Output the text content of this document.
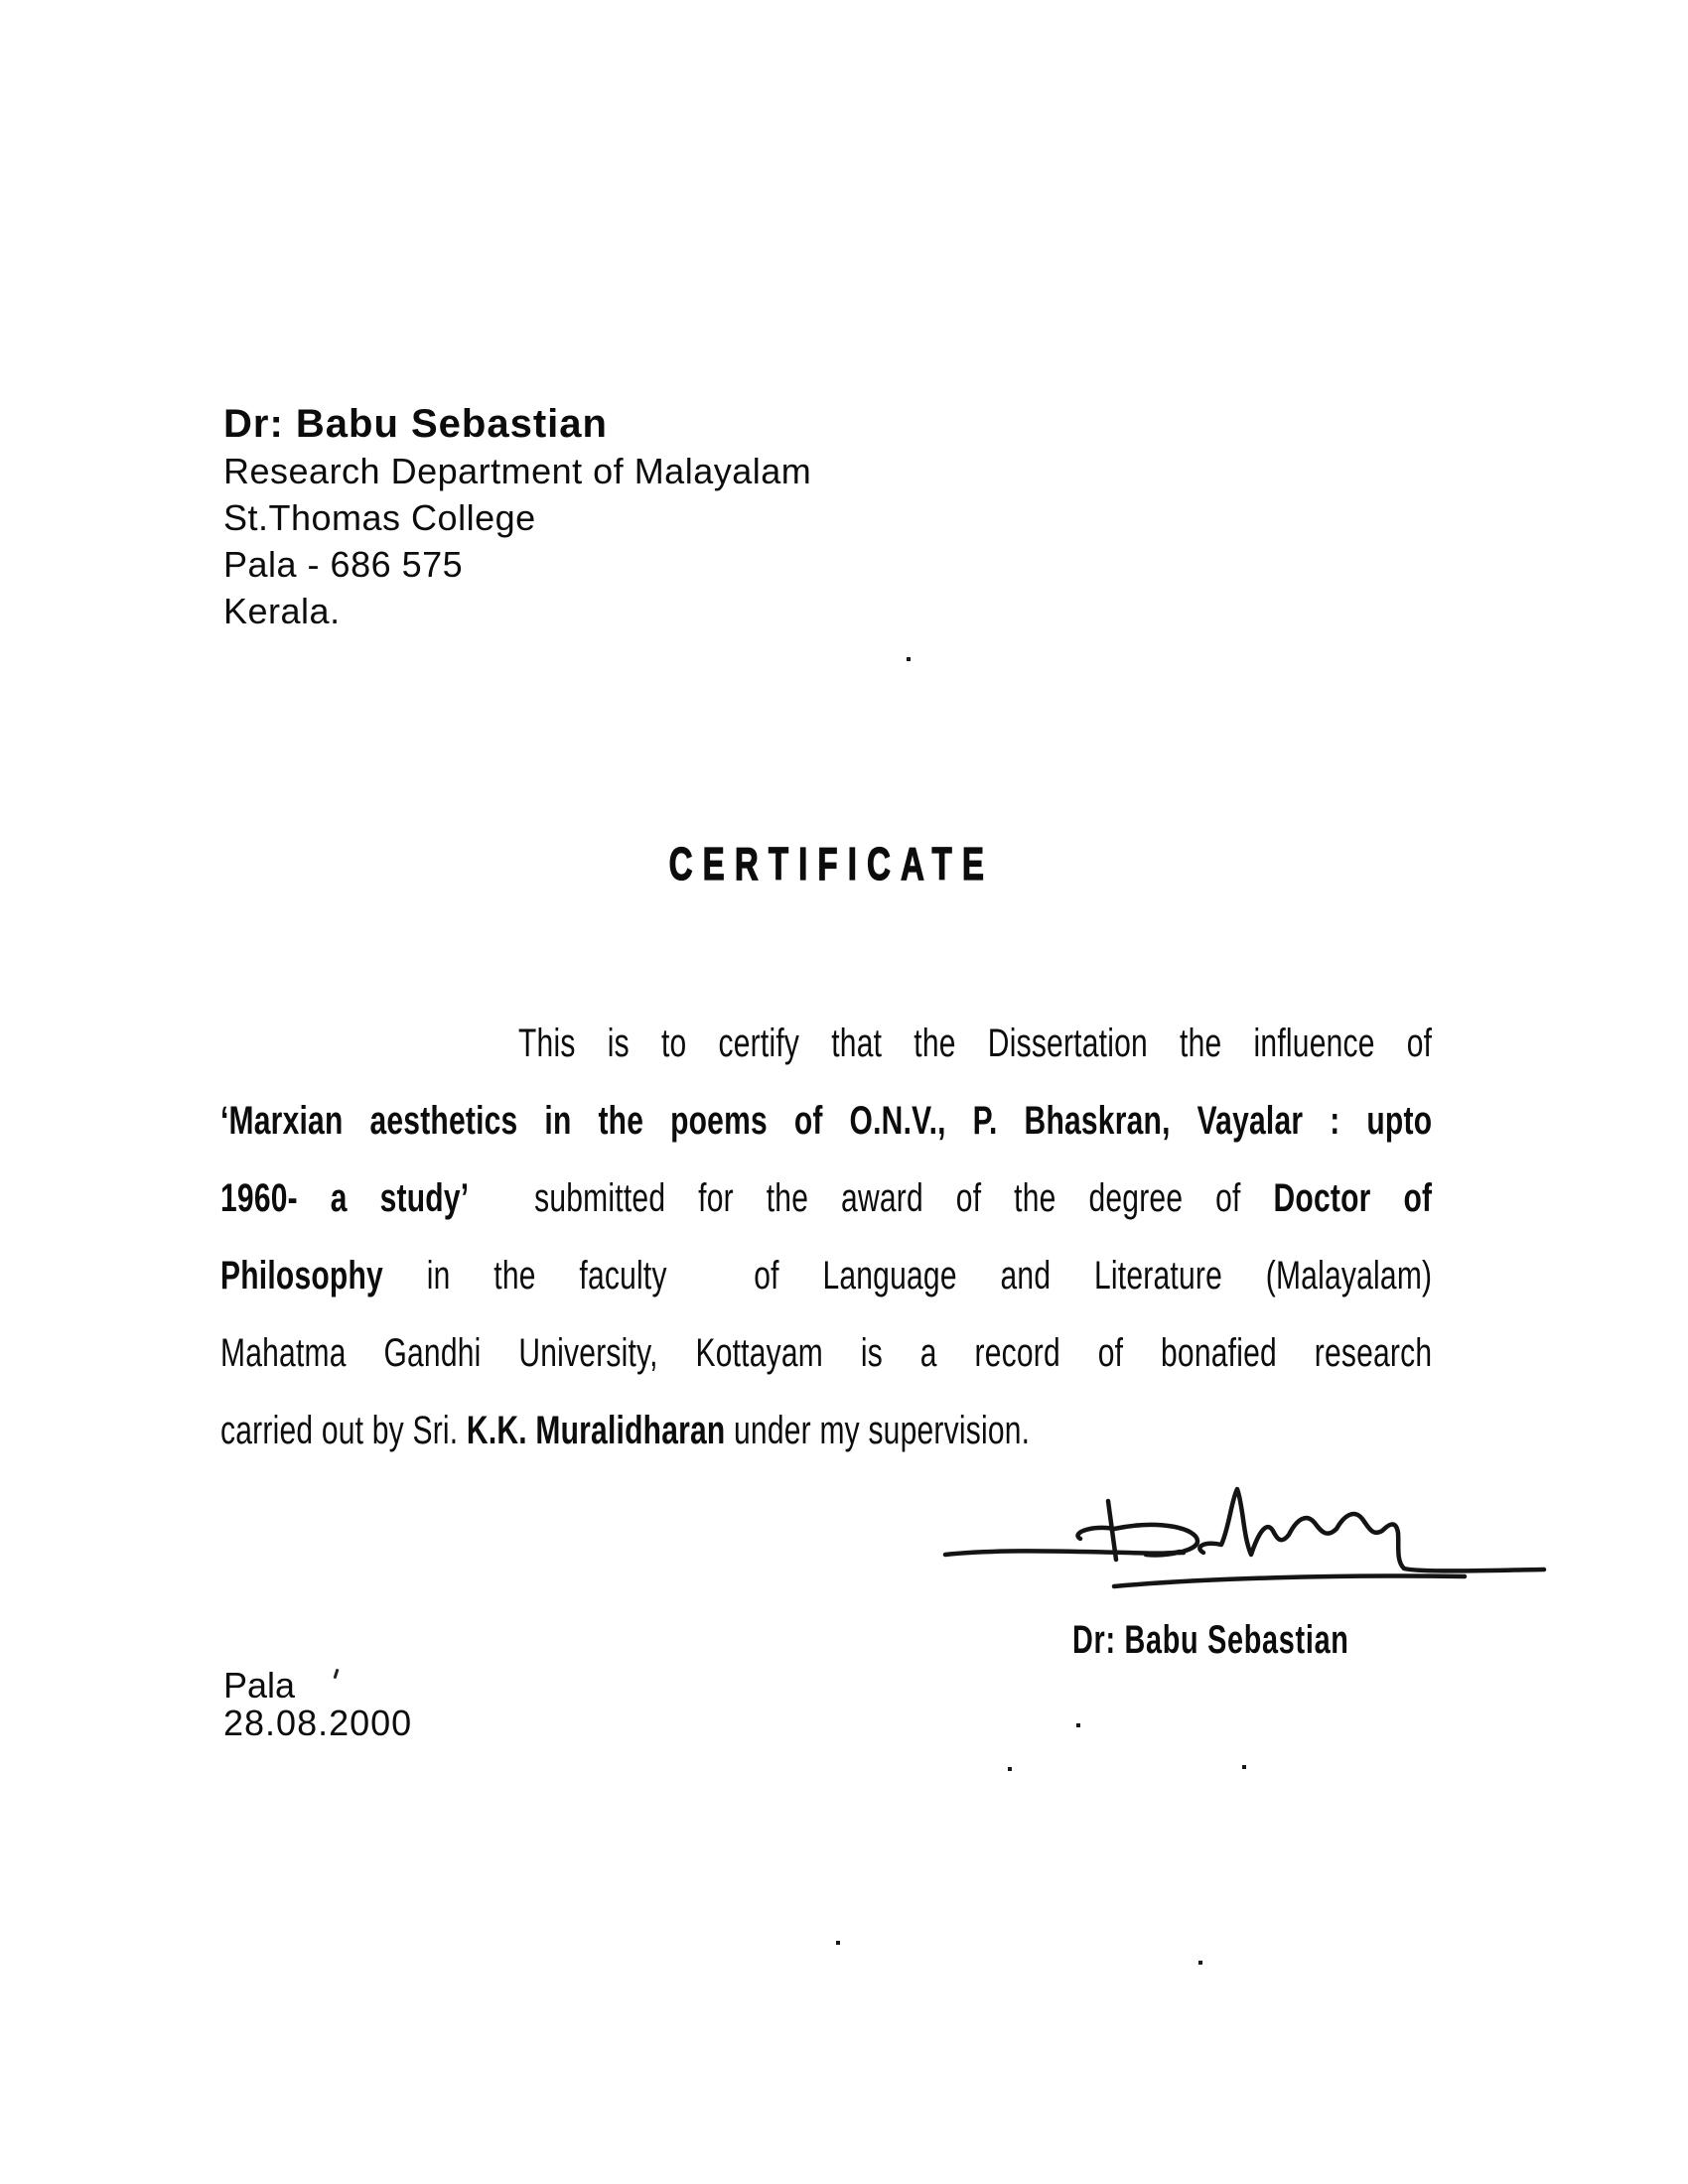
Dr: Babu Sebastian
Research Department of Malayalam
St.Thomas College
Pala - 686 575
Kerala.
CERTIFICATE
This is to certify that the Dissertation the influence of
‘Marxian aesthetics in the poems of O.N.V., P. Bhaskran, Vayalar : upto
1960- a study’  submitted for the award of the degree of Doctor of
Philosophy in the faculty  of Language and Literature (Malayalam)
Mahatma Gandhi University, Kottayam is a record of bonafied research
carried out by Sri. K.K. Muralidharan under my supervision.
Dr: Babu Sebastian
Pala
28.08.2000
